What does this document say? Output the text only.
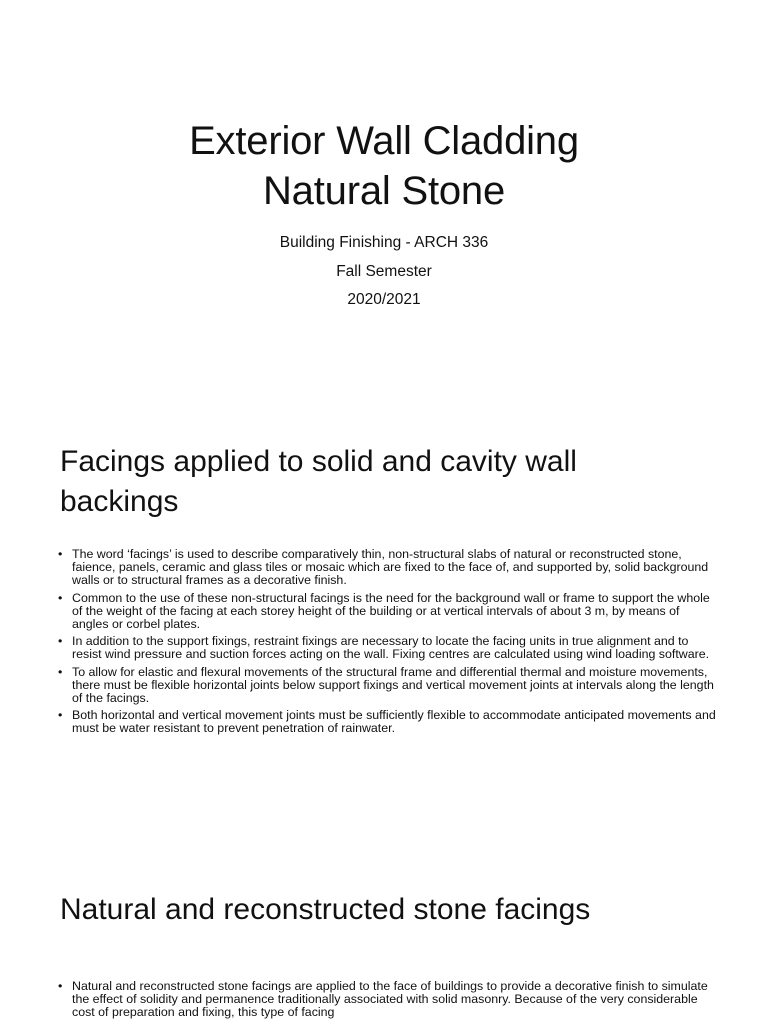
Exterior Wall Cladding
Natural Stone
Building Finishing - ARCH 336
Fall Semester
2020/2021
Facings applied to solid and cavity wall
backings
• The word ‘facings’ is used to describe comparatively thin, non-structural slabs of natural or reconstructed stone, faience, panels, ceramic and glass tiles or mosaic which are fixed to the face of, and supported by, solid background walls or to structural frames as a decorative finish.
• Common to the use of these non-structural facings is the need for the background wall or frame to support the whole of the weight of the facing at each storey height of the building or at vertical intervals of about 3 m, by means of angles or corbel plates.
• In addition to the support fixings, restraint fixings are necessary to locate the facing units in true alignment and to resist wind pressure and suction forces acting on the wall. Fixing centres are calculated using wind loading software.
• To allow for elastic and flexural movements of the structural frame and differential thermal and moisture movements, there must be flexible horizontal joints below support fixings and vertical movement joints at intervals along the length of the facings.
• Both horizontal and vertical movement joints must be sufficiently flexible to accommodate anticipated movements and must be water resistant to prevent penetration of rainwater.
Natural and reconstructed stone facings
• Natural and reconstructed stone facings are applied to the face of buildings to provide a decorative finish to simulate the effect of solidity and permanence traditionally associated with solid masonry. Because of the very considerable cost of preparation and fixing, this type of facing
